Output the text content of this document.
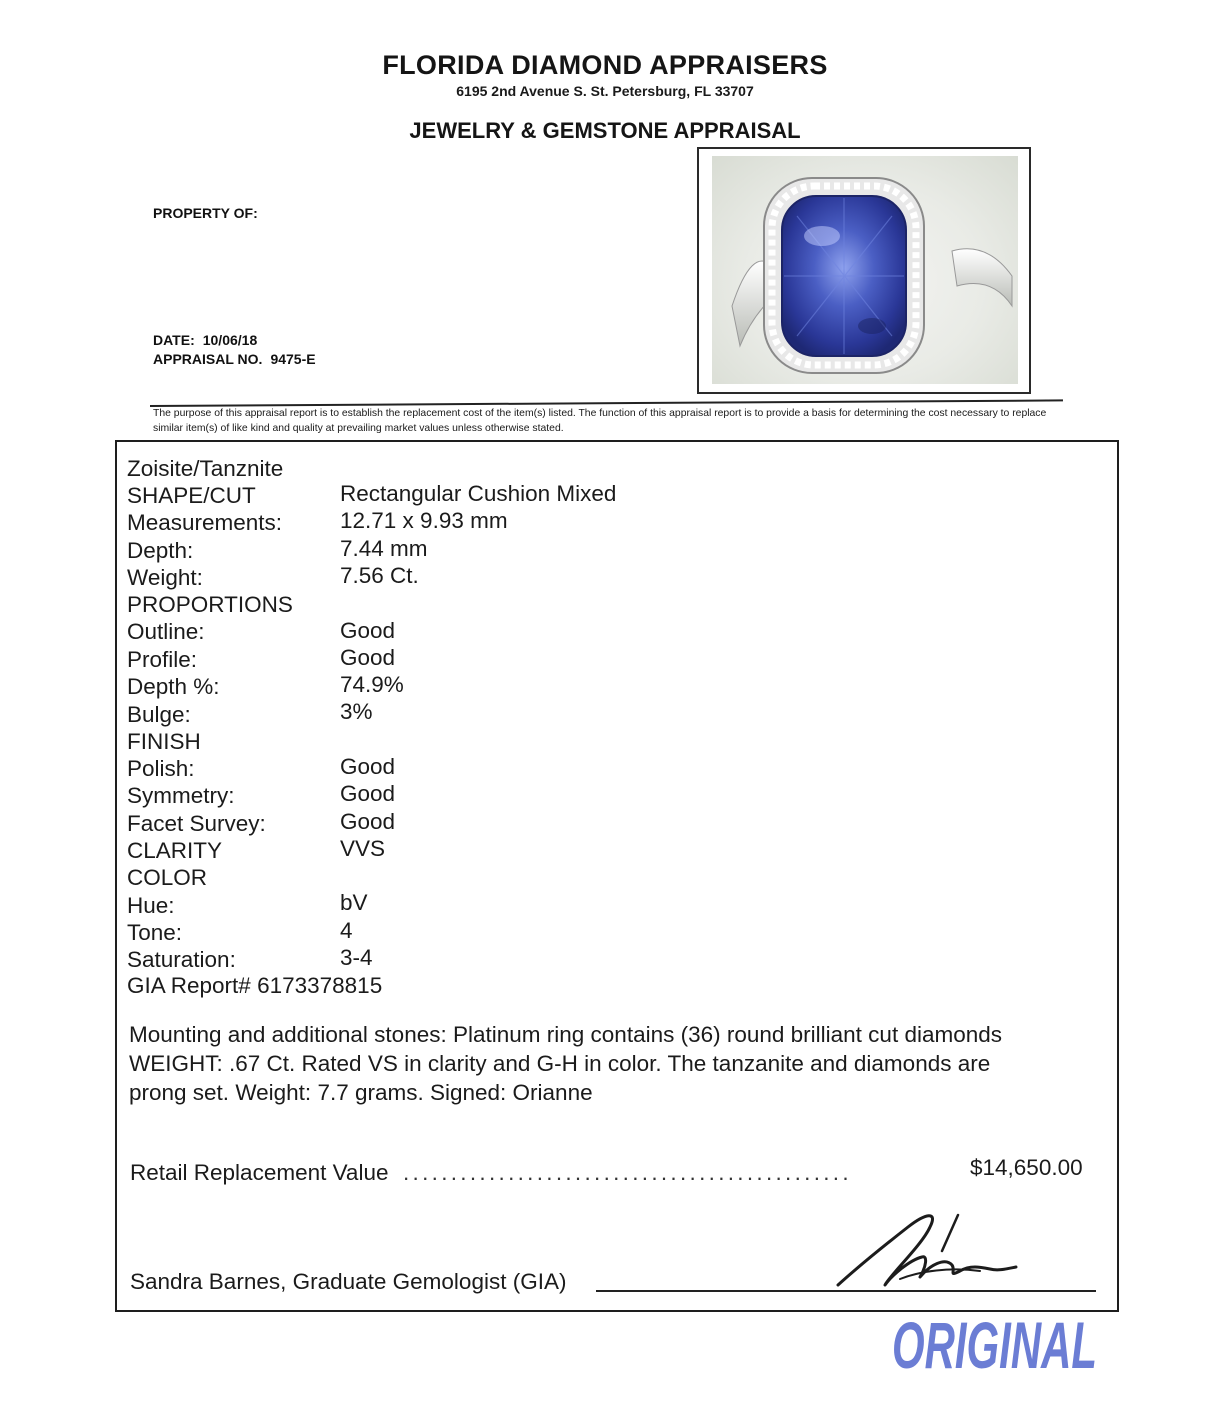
FLORIDA DIAMOND APPRAISERS
6195 2nd Avenue S. St. Petersburg, FL 33707
JEWELRY & GEMSTONE APPRAISAL
PROPERTY OF:
DATE: 10/06/18
APPRAISAL NO. 9475-E
The purpose of this appraisal report is to establish the replacement cost of the item(s) listed. The function of this appraisal report is to provide a basis for determining the cost necessary to replace similar item(s) of like kind and quality at prevailing market values unless otherwise stated.
Zoisite/Tanznite
SHAPE/CUT	Rectangular Cushion Mixed
Measurements:	12.71 x 9.93 mm
Depth:	7.44 mm
Weight:	7.56 Ct.
PROPORTIONS
Outline:	Good
Profile:	Good
Depth %:	74.9%
Bulge:	3%
FINISH
Polish:	Good
Symmetry:	Good
Facet Survey:	Good
CLARITY	VVS
COLOR
Hue:	bV
Tone:	4
Saturation:	3-4
GIA Report# 6173378815
Mounting and additional stones: Platinum ring contains (36) round brilliant cut diamonds
WEIGHT: .67 Ct. Rated VS in clarity and G-H in color. The tanzanite and diamonds are
prong set. Weight: 7.7 grams. Signed: Orianne
Retail Replacement Value ...............................................	$14,650.00
Sandra Barnes, Graduate Gemologist (GIA)
ORIGINAL
